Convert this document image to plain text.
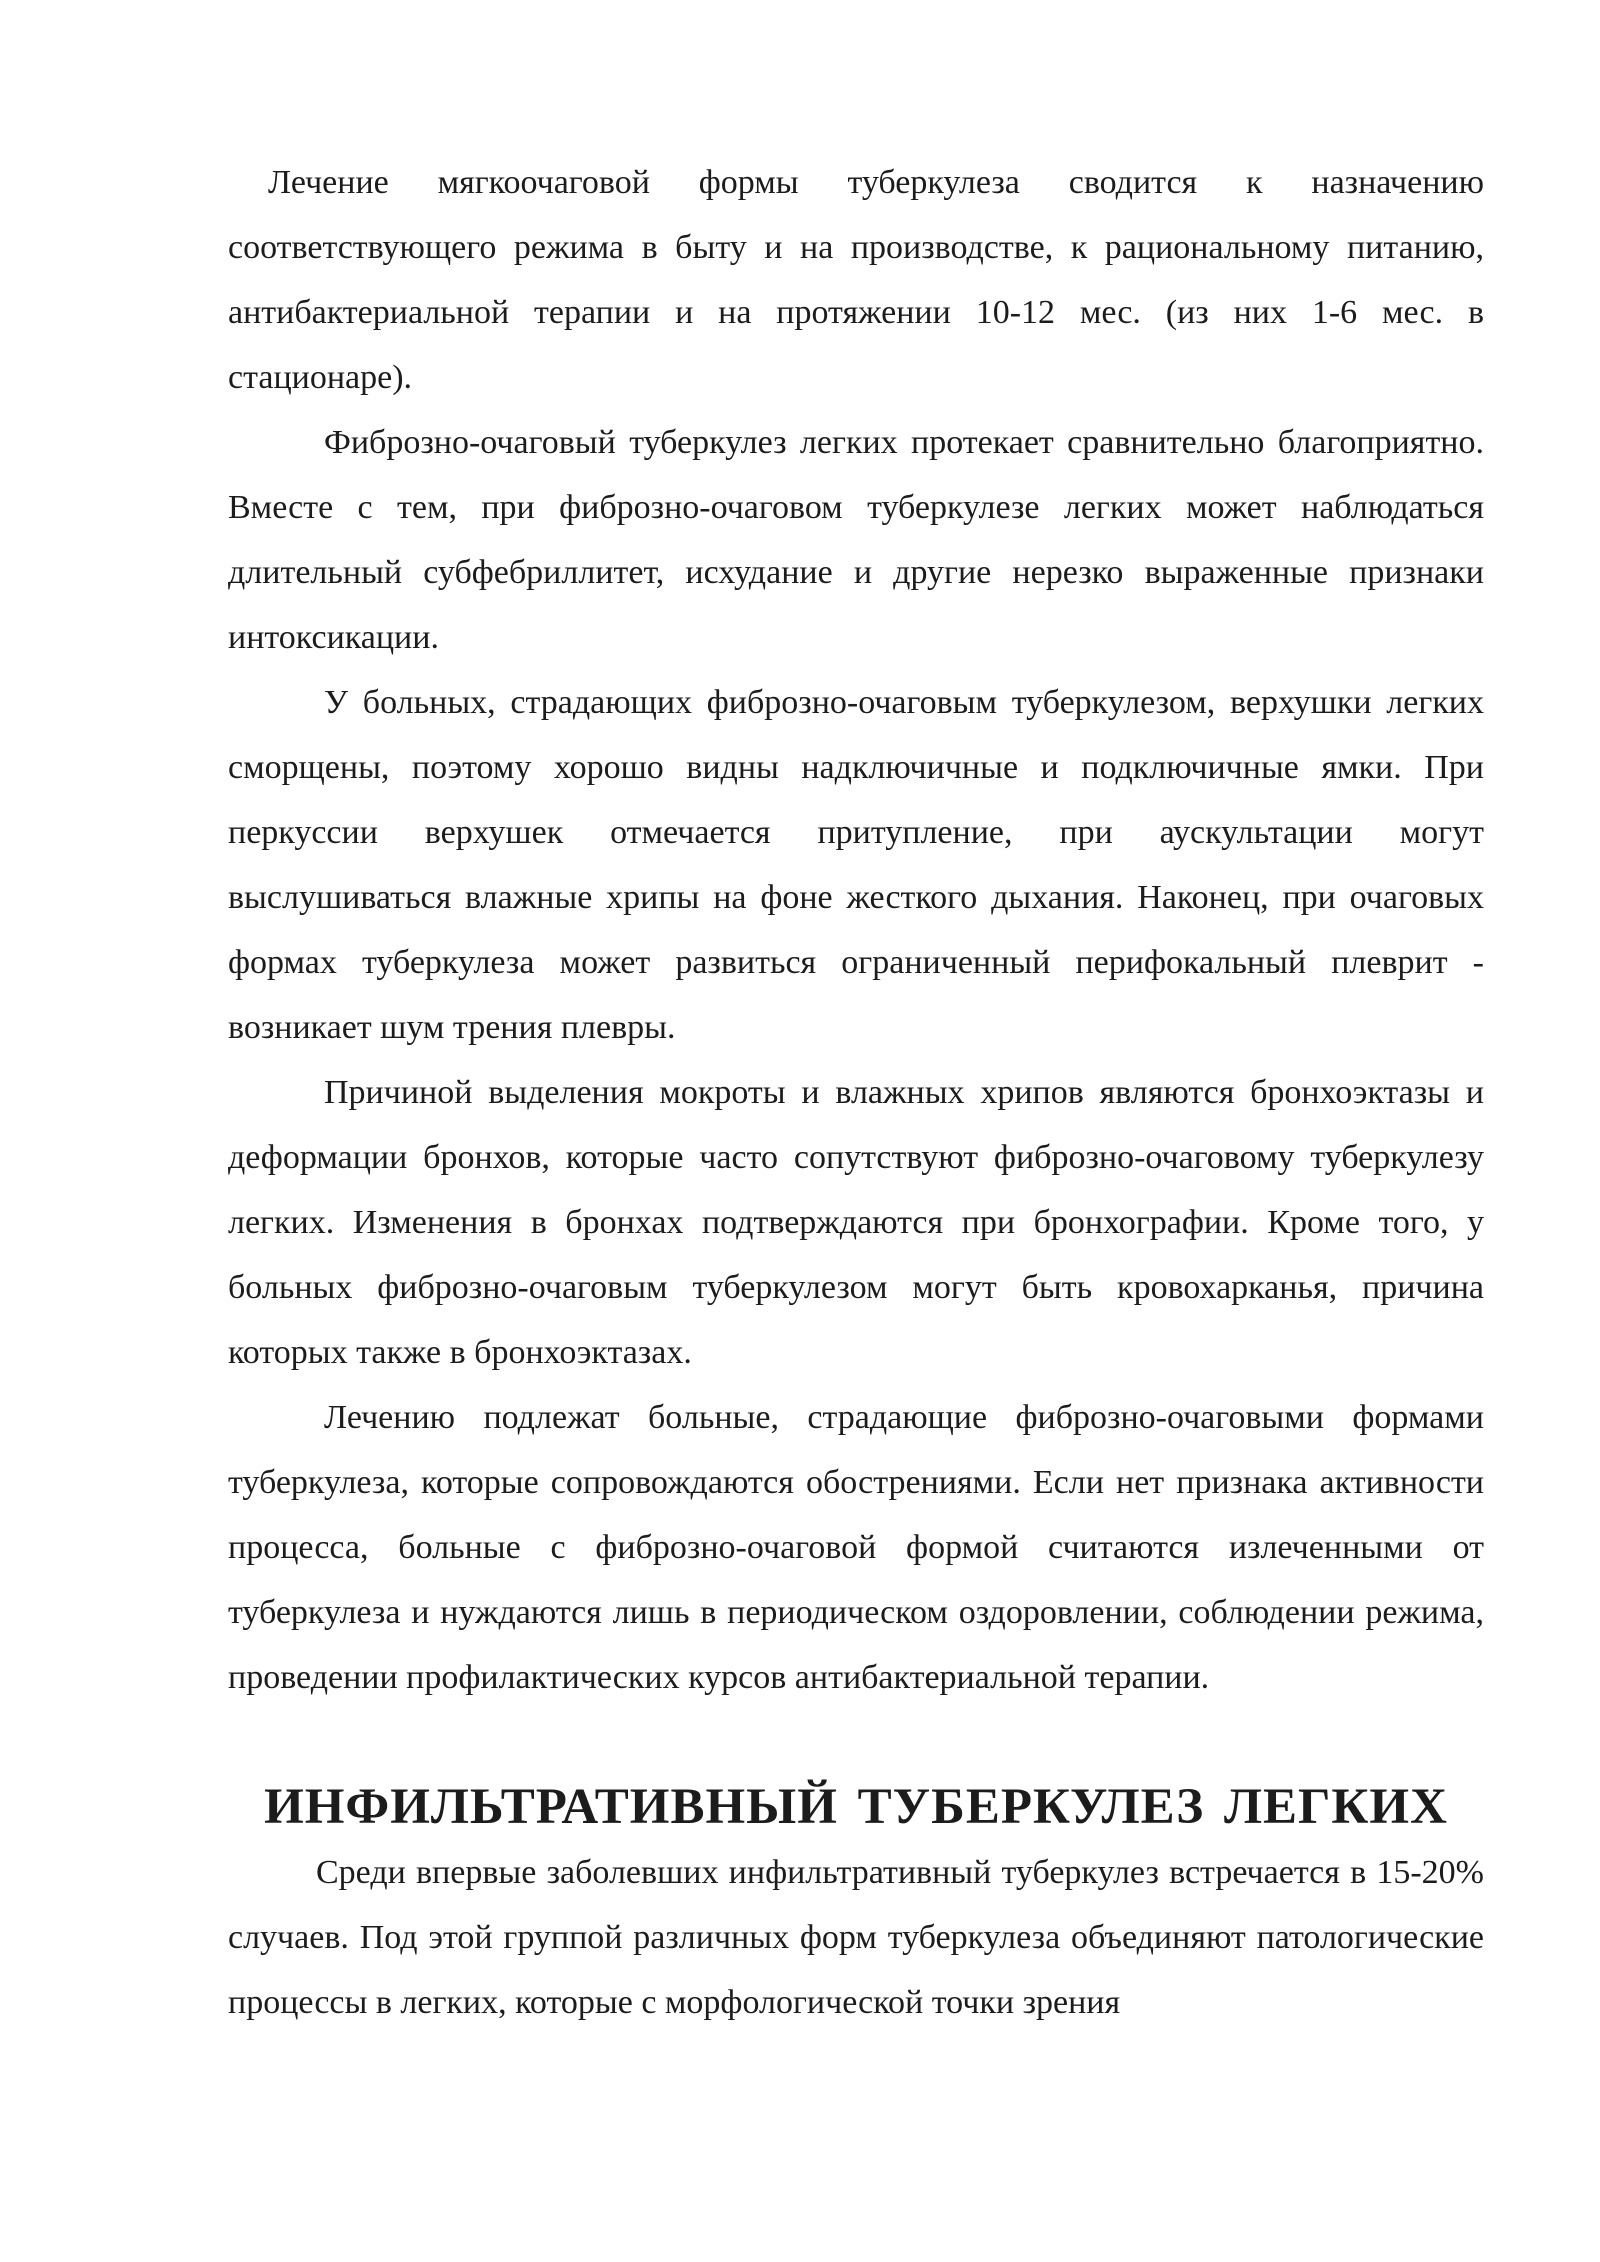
Лечение мягкоочаговой формы туберкулеза сводится к назначению соответствующего режима в быту и на производстве, к рациональному питанию, антибактериальной терапии и на протяжении 10-12 мес. (из них 1-6 мес. в стационаре).

Фиброзно-очаговый туберкулез легких протекает сравнительно благоприятно. Вместе с тем, при фиброзно-очаговом туберкулезе легких может наблюдаться длительный субфебриллитет, исхудание и другие нерезко выраженные признаки интоксикации.

У больных, страдающих фиброзно-очаговым туберкулезом, верхушки легких сморщены, поэтому хорошо видны надключичные и подключичные ямки. При перкуссии верхушек отмечается притупление, при аускультации могут выслушиваться влажные хрипы на фоне жесткого дыхания. Наконец, при очаговых формах туберкулеза может развиться ограниченный перифокальный плеврит - возникает шум трения плевры.

Причиной выделения мокроты и влажных хрипов являются бронхоэктазы и деформации бронхов, которые часто сопутствуют фиброзно-очаговому туберкулезу легких. Изменения в бронхах подтверждаются при бронхографии. Кроме того, у больных фиброзно-очаговым туберкулезом могут быть кровохарканья, причина которых также в бронхоэктазах.

Лечению подлежат больные, страдающие фиброзно-очаговыми формами туберкулеза, которые сопровождаются обострениями. Если нет признака активности процесса, больные с фиброзно-очаговой формой считаются излеченными от туберкулеза и нуждаются лишь в периодическом оздоровлении, соблюдении режима, проведении профилактических курсов антибактериальной терапии.

ИНФИЛЬТРАТИВНЫЙ ТУБЕРКУЛЕЗ ЛЕГКИХ

Среди впервые заболевших инфильтративный туберкулез встречается в 15-20% случаев. Под этой группой различных форм туберкулеза объединяют патологические процессы в легких, которые с морфологической точки зрения
